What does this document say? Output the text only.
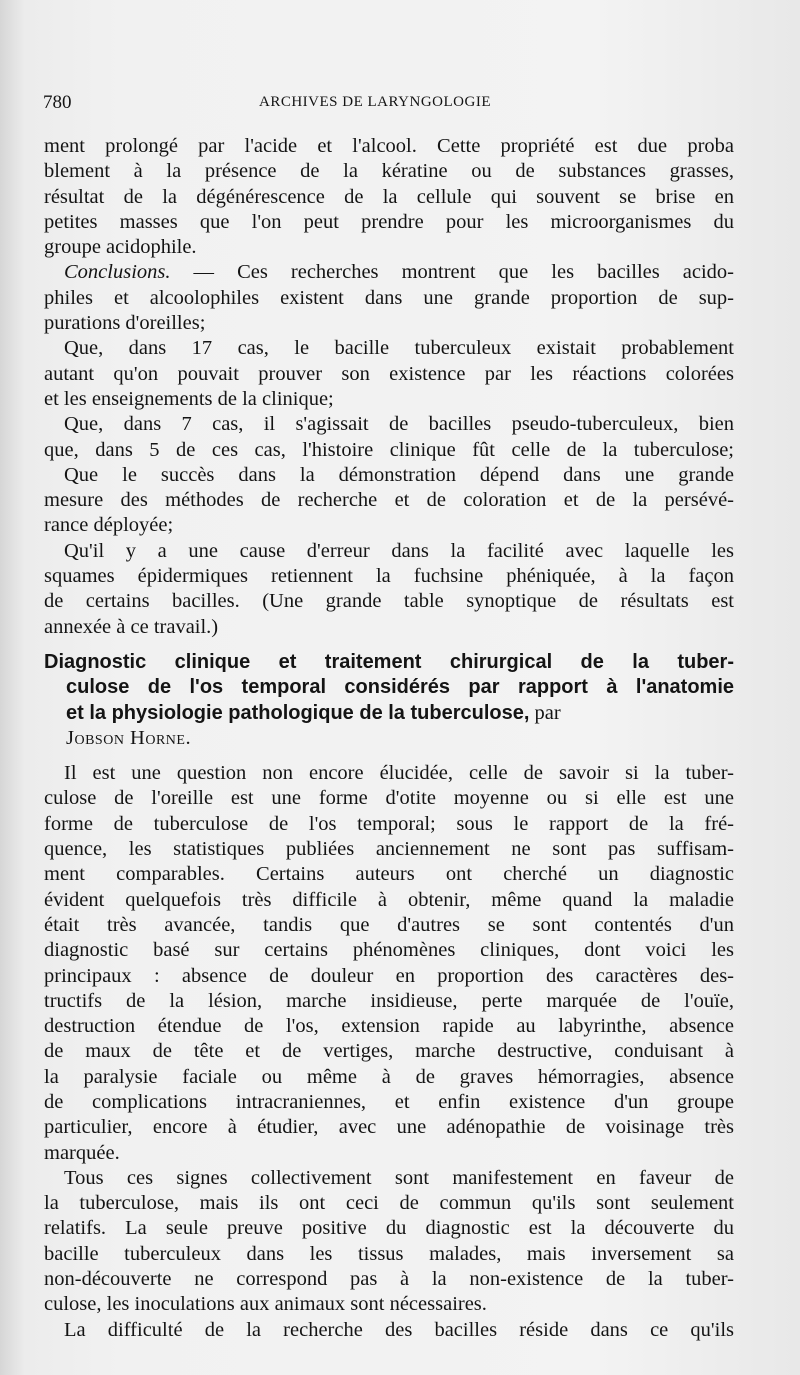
780	ARCHIVES DE LARYNGOLOGIE
ment prolongé par l'acide et l'alcool. Cette propriété est due proba
blement à la présence de la kératine ou de substances grasses,
résultat de la dégénérescence de la cellule qui souvent se brise en
petites masses que l'on peut prendre pour les microorganismes du
groupe acidophile.
Conclusions. — Ces recherches montrent que les bacilles acido-
philes et alcoolophiles existent dans une grande proportion de sup-
purations d'oreilles;
Que, dans 17 cas, le bacille tuberculeux existait probablement
autant qu'on pouvait prouver son existence par les réactions colorées
et les enseignements de la clinique;
Que, dans 7 cas, il s'agissait de bacilles pseudo-tuberculeux, bien
que, dans 5 de ces cas, l'histoire clinique fût celle de la tuberculose;
Que le succès dans la démonstration dépend dans une grande
mesure des méthodes de recherche et de coloration et de la persévé-
rance déployée;
Qu'il y a une cause d'erreur dans la facilité avec laquelle les
squames épidermiques retiennent la fuchsine phéniquée, à la façon
de certains bacilles. (Une grande table synoptique de résultats est
annexée à ce travail.)
Diagnostic clinique et traitement chirurgical de la tuber-
culose de l'os temporal considérés par rapport à l'anatomie
et la physiologie pathologique de la tuberculose, par
Jobson Horne.
Il est une question non encore élucidée, celle de savoir si la tuber-
culose de l'oreille est une forme d'otite moyenne ou si elle est une
forme de tuberculose de l'os temporal; sous le rapport de la fré-
quence, les statistiques publiées anciennement ne sont pas suffisam-
ment comparables. Certains auteurs ont cherché un diagnostic
évident quelquefois très difficile à obtenir, même quand la maladie
était très avancée, tandis que d'autres se sont contentés d'un
diagnostic basé sur certains phénomènes cliniques, dont voici les
principaux : absence de douleur en proportion des caractères des-
tructifs de la lésion, marche insidieuse, perte marquée de l'ouïe,
destruction étendue de l'os, extension rapide au labyrinthe, absence
de maux de tête et de vertiges, marche destructive, conduisant à
la paralysie faciale ou même à de graves hémorragies, absence
de complications intracraniennes, et enfin existence d'un groupe
particulier, encore à étudier, avec une adénopathie de voisinage très
marquée.
Tous ces signes collectivement sont manifestement en faveur de
la tuberculose, mais ils ont ceci de commun qu'ils sont seulement
relatifs. La seule preuve positive du diagnostic est la découverte du
bacille tuberculeux dans les tissus malades, mais inversement sa
non-découverte ne correspond pas à la non-existence de la tuber-
culose, les inoculations aux animaux sont nécessaires.
La difficulté de la recherche des bacilles réside dans ce qu'ils
